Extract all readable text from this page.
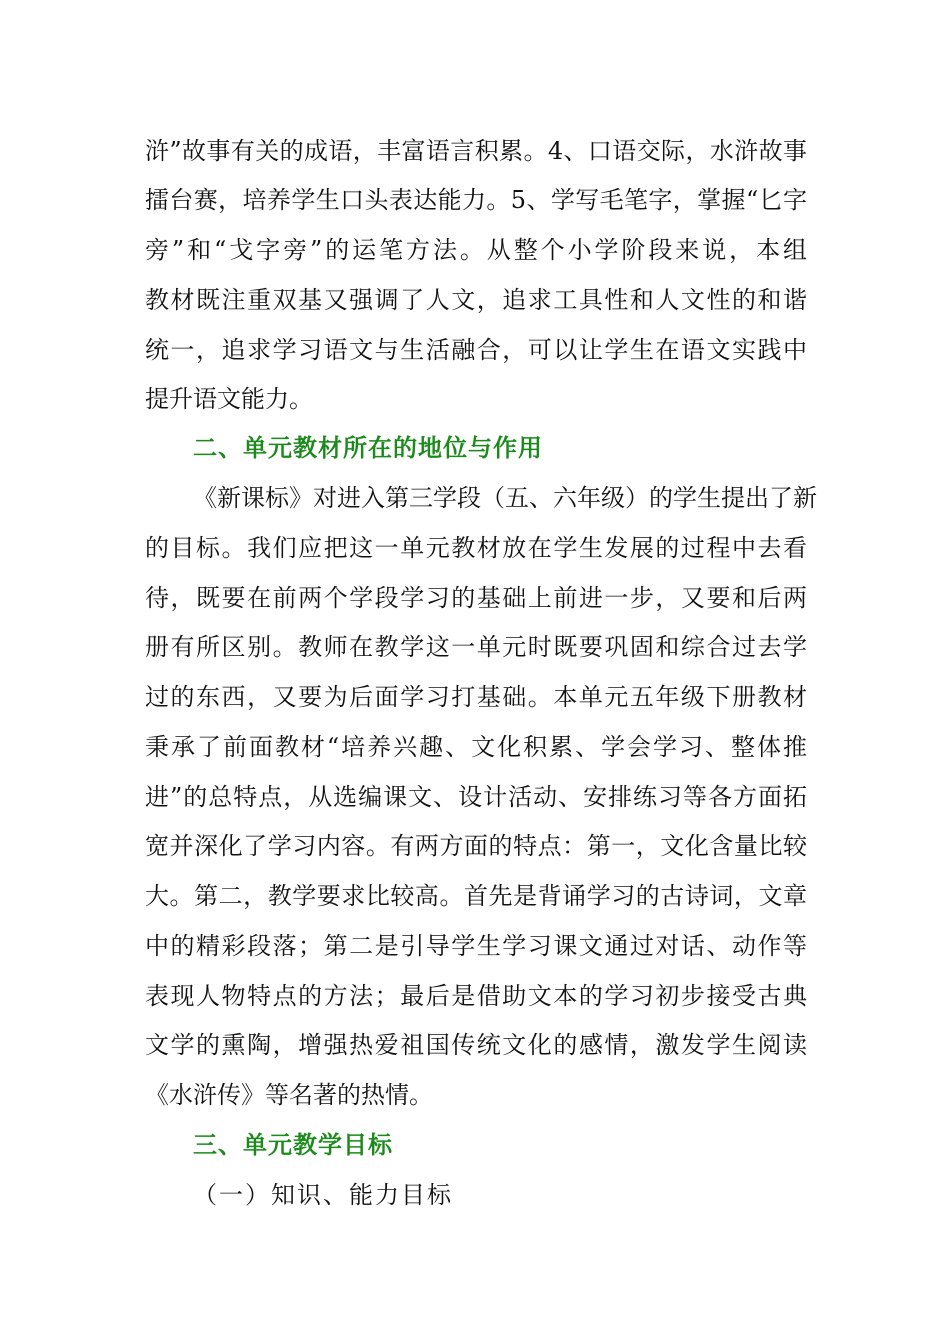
浒”故事有关的成语，丰富语言积累。4、口语交际，水浒故事
擂台赛，培养学生口头表达能力。5、学写毛笔字，掌握“匕字
旁”和“戈字旁”的运笔方法。从整个小学阶段来说，本组
教材既注重双基又强调了人文，追求工具性和人文性的和谐
统一，追求学习语文与生活融合，可以让学生在语文实践中
提升语文能力。
二、单元教材所在的地位与作用
《新课标》对进入第三学段（五、六年级）的学生提出了新
的目标。我们应把这一单元教材放在学生发展的过程中去看
待，既要在前两个学段学习的基础上前进一步，又要和后两
册有所区别。教师在教学这一单元时既要巩固和综合过去学
过的东西，又要为后面学习打基础。本单元五年级下册教材
秉承了前面教材“培养兴趣、文化积累、学会学习、整体推
进”的总特点，从选编课文、设计活动、安排练习等各方面拓
宽并深化了学习内容。有两方面的特点：第一，文化含量比较
大。第二，教学要求比较高。首先是背诵学习的古诗词，文章
中的精彩段落；第二是引导学生学习课文通过对话、动作等
表现人物特点的方法；最后是借助文本的学习初步接受古典
文学的熏陶，增强热爱祖国传统文化的感情，激发学生阅读
《水浒传》等名著的热情。
三、单元教学目标
（一）知识、能力目标
